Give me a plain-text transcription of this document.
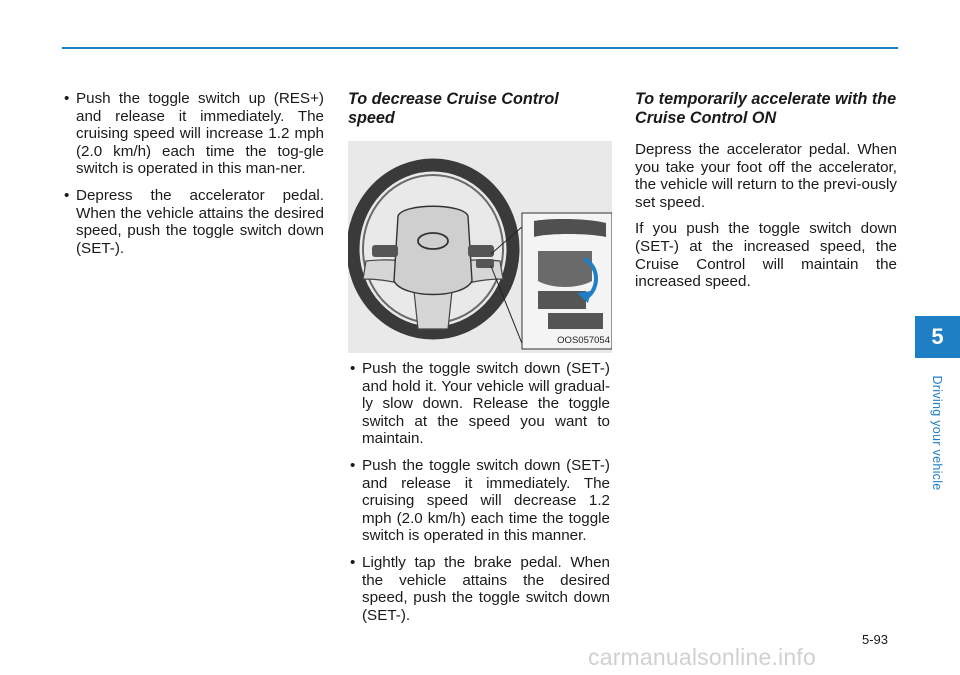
• Push the toggle switch up (RES+) and release it immediately. The cruising speed will increase 1.2 mph (2.0 km/h) each time the tog-gle switch is operated in this man-ner.
• Depress the accelerator pedal. When the vehicle attains the desired speed, push the toggle switch down (SET-).
To decrease Cruise Control speed
OOS057054
• Push the toggle switch down (SET-) and hold it. Your vehicle will gradual-ly slow down. Release the toggle switch at the speed you want to maintain.
• Push the toggle switch down (SET-) and release it immediately. The cruising speed will decrease 1.2 mph (2.0 km/h) each time the toggle switch is operated in this manner.
• Lightly tap the brake pedal. When the vehicle attains the desired speed, push the toggle switch down (SET-).
To temporarily accelerate with the Cruise Control ON

Depress the accelerator pedal. When you take your foot off the accelerator, the vehicle will return to the previ-ously set speed.

If you push the toggle switch down (SET-) at the increased speed, the Cruise Control will maintain the increased speed.

5
Driving your vehicle
5-93
carmanualsonline.info
